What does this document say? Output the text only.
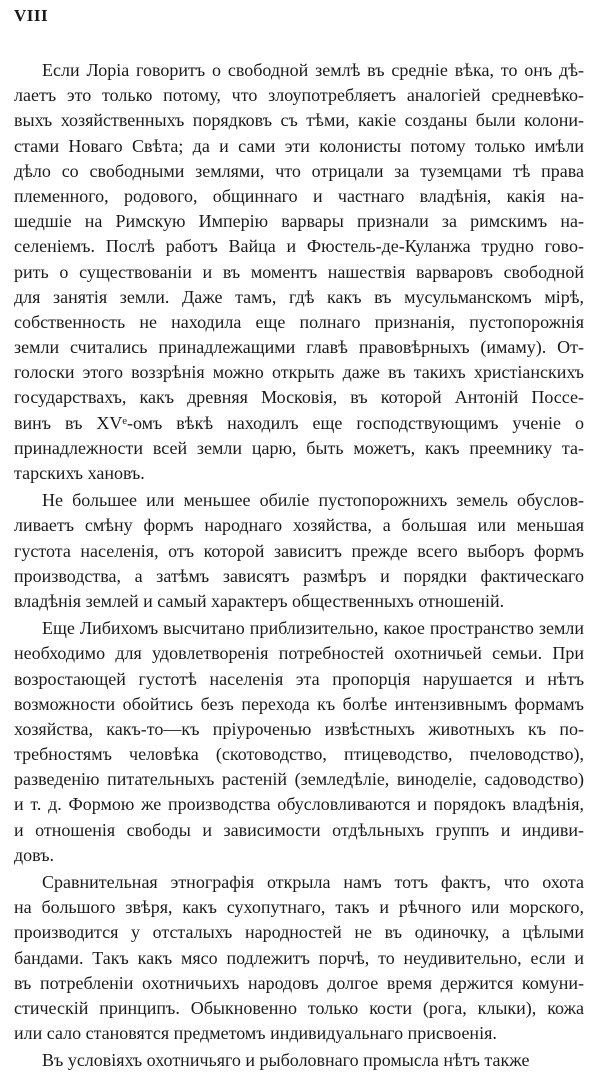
VIII
Если Лоріа говоритъ о свободной землѣ въ средніе вѣка, то онъ дѣ-
лаетъ это только потому, что злоупотребляетъ аналогіей средневѣко-
выхъ хозяйственныхъ порядковъ съ тѣми, какіе созданы были колони-
стами Новаго Свѣта; да и сами эти колонисты потому только имѣли
дѣло со свободными землями, что отрицали за туземцами тѣ права
племенного, родового, общиннаго и частнаго владѣнія, какія на-
шедшіе на Римскую Имперію варвары признали за римскимъ на-
селеніемъ. Послѣ работъ Вайца и Фюстель-де-Куланжа трудно гово-
рить о существованіи и въ моментъ нашествія варваровъ свободной
для занятія земли. Даже тамъ, гдѣ какъ въ мусульманскомъ мірѣ,
собственность не находила еще полнаго признанія, пустопорожнія
земли считались принадлежащими главѣ правовѣрныхъ (имаму). От-
голоски этого воззрѣнія можно открыть даже въ такихъ христіанскихъ
государствахъ, какъ древняя Московія, въ которой Антоній Поссе-
винъ въ XVᵉ-омъ вѣкѣ находилъ еще господствующимъ ученіе о
принадлежности всей земли царю, быть можетъ, какъ преемнику та-
тарскихъ хановъ.
Не большее или меньшее обиліе пустопорожнихъ земель обуслов-
ливаетъ смѣну формъ народнаго хозяйства, а большая или меньшая
густота населенія, отъ которой зависитъ прежде всего выборъ формъ
производства, а затѣмъ зависятъ размѣръ и порядки фактическаго
владѣнія землей и самый характеръ общественныхъ отношеній.
Еще Либихомъ высчитано приблизительно, какое пространство земли
необходимо для удовлетворенія потребностей охотничьей семьи. При
возростающей густотѣ населенія эта пропорція нарушается и нѣтъ
возможности обойтись безъ перехода къ болѣе интензивнымъ формамъ
хозяйства, какъ-то—къ пріуроченью извѣстныхъ животныхъ къ по-
требностямъ человѣка (скотоводство, птицеводство, пчеловодство),
разведенію питательныхъ растеній (земледѣліе, виноделіе, садоводство)
и т. д. Формою же производства обусловливаются и порядокъ владѣнія,
и отношенія свободы и зависимости отдѣльныхъ группъ и индиви-
довъ.
Сравнительная этнографія открыла намъ тотъ фактъ, что охота
на большого звѣря, какъ сухопутнаго, такъ и рѣчного или морского,
производится у отсталыхъ народностей не въ одиночку, а цѣлыми
бандами. Такъ какъ мясо подлежитъ порчѣ, то неудивительно, если и
въ потребленіи охотничьихъ народовъ долгое время держится комуни-
стическій принципъ. Обыкновенно только кости (рога, клыки), кожа
или сало становятся предметомъ индивидуальнаго присвоенія.
Въ условіяхъ охотничьяго и рыболовнаго промысла нѣтъ также
